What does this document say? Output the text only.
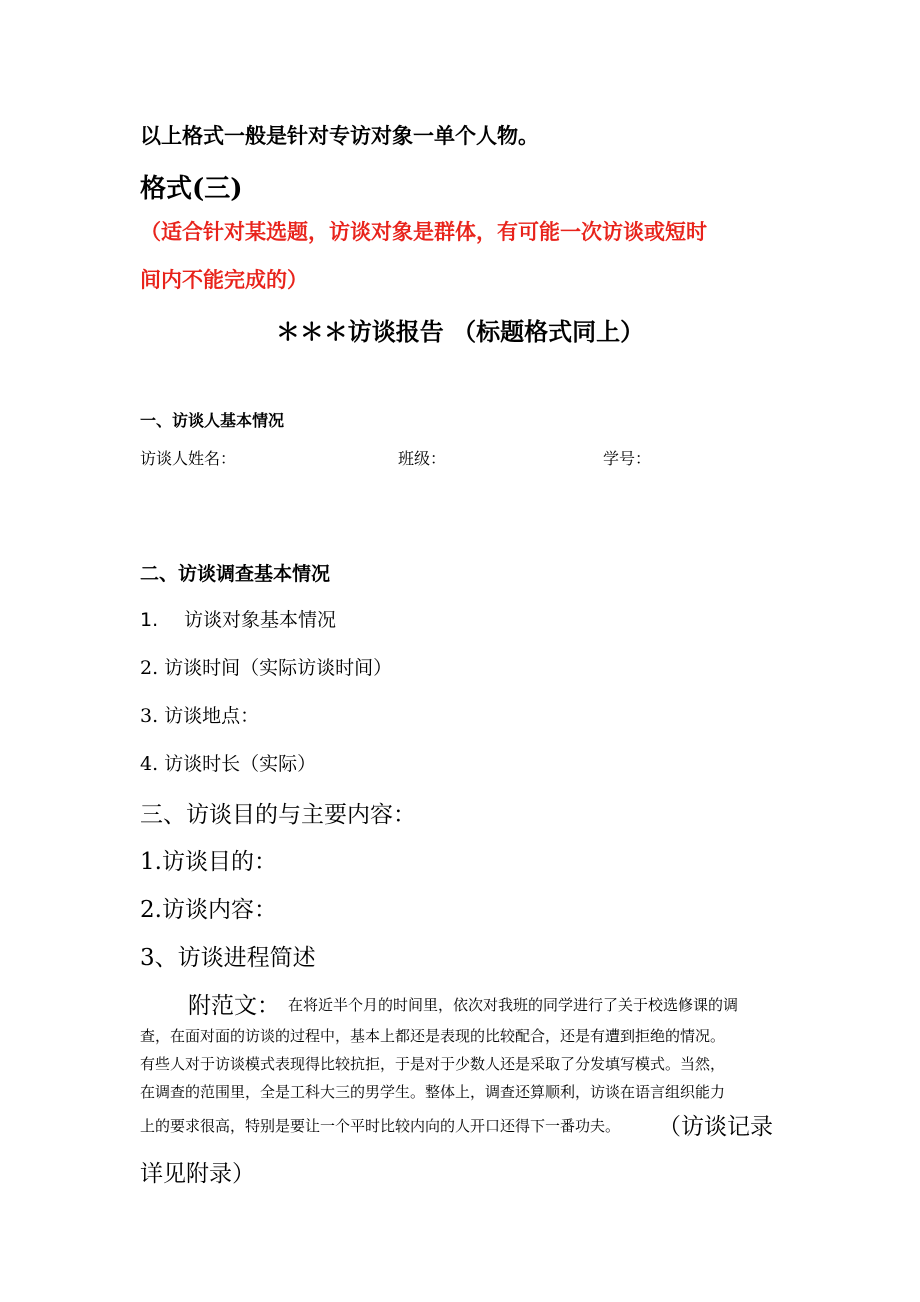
以上格式一般是针对专访对象一单个人物。
格式(三)
（适合针对某选题，访谈对象是群体，有可能一次访谈或短时
间内不能完成的）
＊＊＊访谈报告 （标题格式同上）
一、访谈人基本情况
访谈人姓名：	班级：	学号：
二、访谈调查基本情况
1. 访谈对象基本情况
2. 访谈时间（实际访谈时间）
3. 访谈地点：
4. 访谈时长（实际）
三、访谈目的与主要内容：
1.访谈目的：
2.访谈内容：
3、访谈进程简述
附范文： 在将近半个月的时间里，依次对我班的同学进行了关于校选修课的调
查，在面对面的访谈的过程中，基本上都还是表现的比较配合，还是有遭到拒绝的情况。
有些人对于访谈模式表现得比较抗拒，于是对于少数人还是采取了分发填写模式。当然，
在调查的范围里，全是工科大三的男学生。整体上，调查还算顺利，访谈在语言组织能力
上的要求很高，特别是要让一个平时比较内向的人开口还得下一番功夫。 （访谈记录
详见附录）
